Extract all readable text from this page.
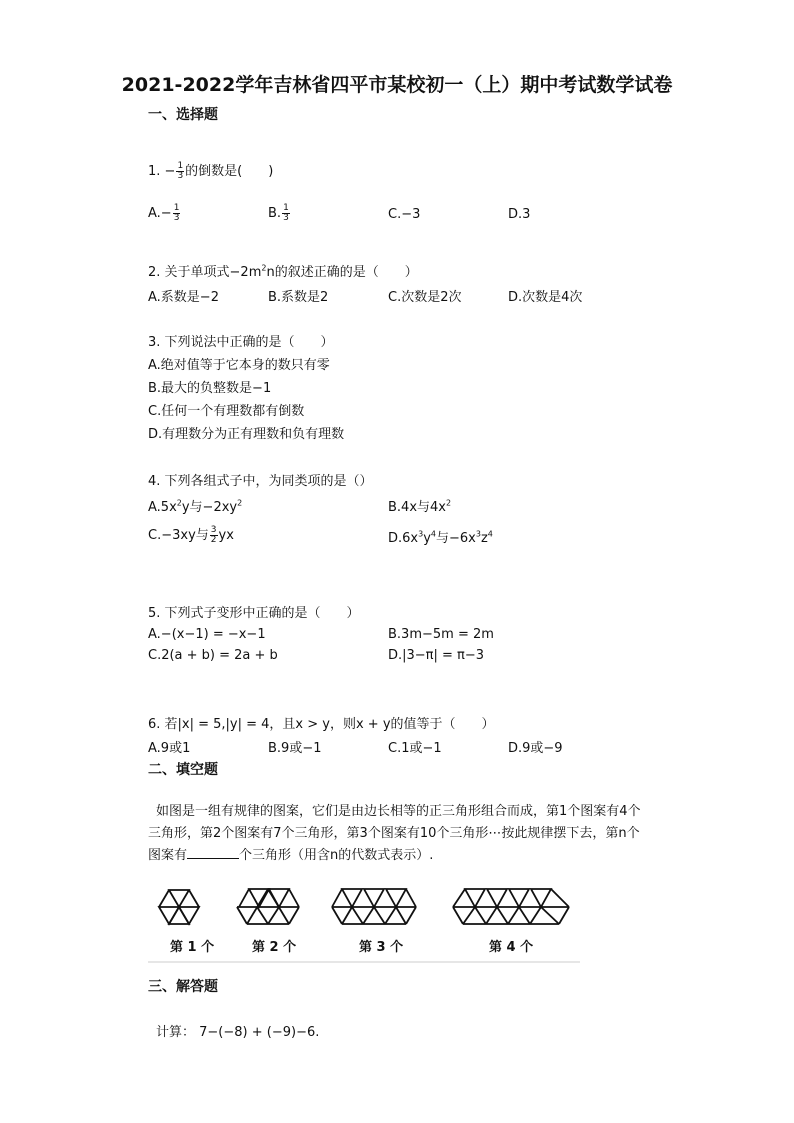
2021-2022学年吉林省四平市某校初一（上）期中考试数学试卷
一、选择题
1. − $\frac{1}{3}$ 的倒数是(　　)
$A.- \frac{1}{3}$	B. $\frac{1}{3}$	C.−3	D.3
2. 关于单项式$-2m^2n$的叙述正确的是（　　）
A.系数是−2	B.系数是2	C.次数是2次	D.次数是4次
3. 下列说法中正确的是（　　）
A.绝对值等于它本身的数只有零
B.最大的负整数是−1
C.任何一个有理数都有倒数
D.有理数分为正有理数和负有理数
4. 下列各组式子中，为同类项的是（）
$A.5x^2y$与$-2xy^2$	B.4x与$4x^2$
C.−3xy与 $\frac{3}{2}$ yx	$D.6x^3y^4$与$-6x^3z^4$
5. 下列式子变形中正确的是（　　）
A.−(x−1) = −x−1	B.3m−5m = 2m
C.2(a + b) = 2a + b	D.|3−π| = π−3
6. 若|x| = 5,|y| = 4，且x > y，则x + y的值等于（　　）
A.9或1	B.9或−1	C.1或−1	D.9或−9
二、填空题
如图是一组有规律的图案，它们是由边长相等的正三角形组合而成，第1个图案有4个
三角形，第2个图案有7个三角形，第3个图案有10个三角形⋯按此规律摆下去，第n个
图案有	个三角形（用含n的代数式表示）.
第 1 个	第 2 个	第 3 个	第 4 个
三、解答题
计算： 7−(−8) + (−9)−6.
